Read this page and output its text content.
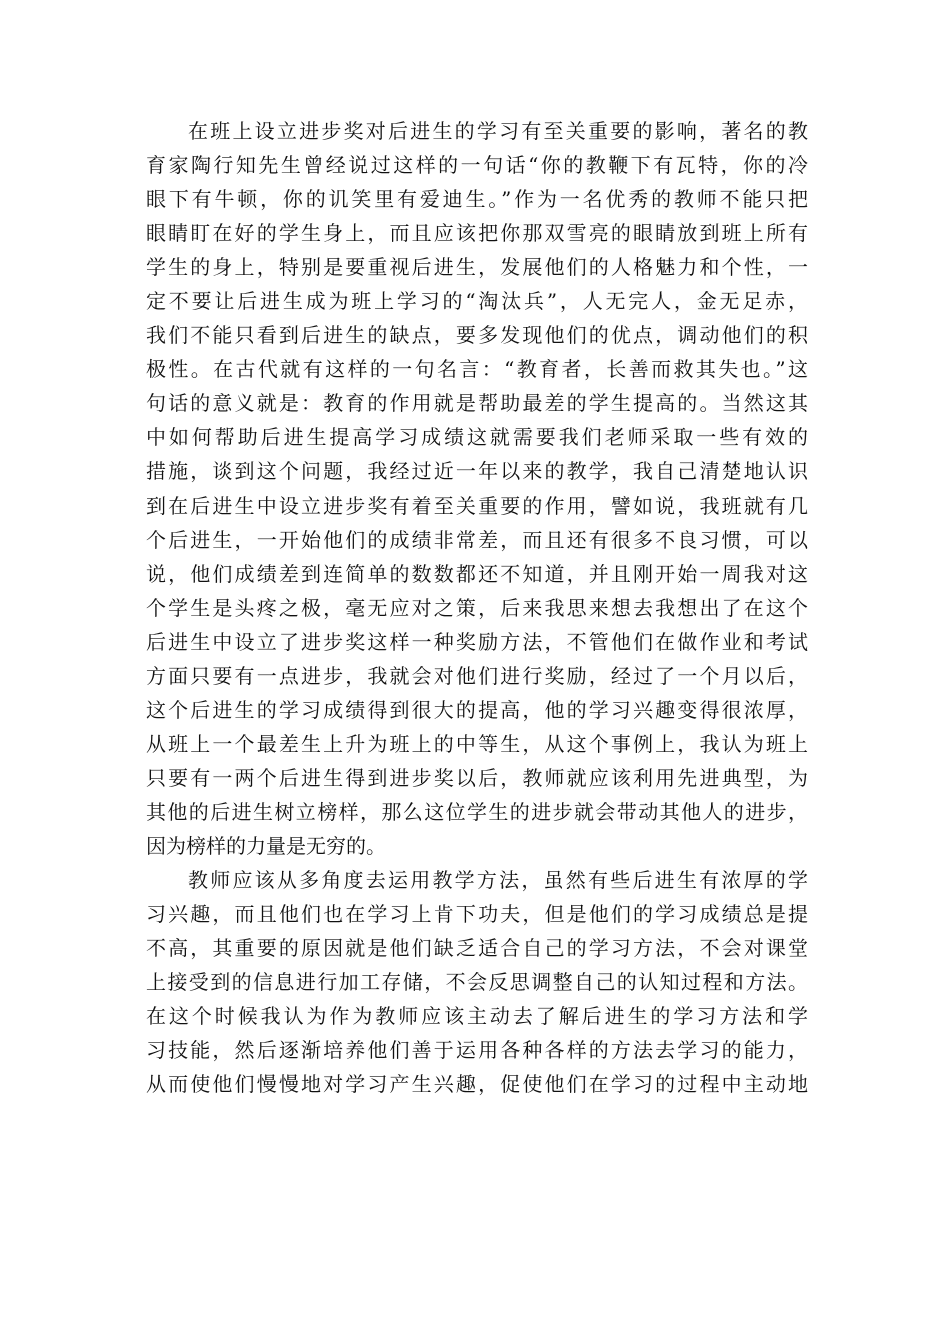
在班上设立进步奖对后进生的学习有至关重要的影响，著名的教
育家陶行知先生曾经说过这样的一句话“你的教鞭下有瓦特，你的冷
眼下有牛顿，你的讥笑里有爱迪生。”作为一名优秀的教师不能只把
眼睛盯在好的学生身上，而且应该把你那双雪亮的眼睛放到班上所有
学生的身上，特别是要重视后进生，发展他们的人格魅力和个性，一
定不要让后进生成为班上学习的“淘汰兵”，人无完人，金无足赤，
我们不能只看到后进生的缺点，要多发现他们的优点，调动他们的积
极性。在古代就有这样的一句名言：“教育者，长善而救其失也。”这
句话的意义就是：教育的作用就是帮助最差的学生提高的。当然这其
中如何帮助后进生提高学习成绩这就需要我们老师采取一些有效的
措施，谈到这个问题，我经过近一年以来的教学，我自己清楚地认识
到在后进生中设立进步奖有着至关重要的作用，譬如说，我班就有几
个后进生，一开始他们的成绩非常差，而且还有很多不良习惯，可以
说，他们成绩差到连简单的数数都还不知道，并且刚开始一周我对这
个学生是头疼之极，毫无应对之策，后来我思来想去我想出了在这个
后进生中设立了进步奖这样一种奖励方法，不管他们在做作业和考试
方面只要有一点进步，我就会对他们进行奖励，经过了一个月以后，
这个后进生的学习成绩得到很大的提高，他的学习兴趣变得很浓厚，
从班上一个最差生上升为班上的中等生，从这个事例上，我认为班上
只要有一两个后进生得到进步奖以后，教师就应该利用先进典型，为
其他的后进生树立榜样，那么这位学生的进步就会带动其他人的进步，
因为榜样的力量是无穷的。
教师应该从多角度去运用教学方法，虽然有些后进生有浓厚的学
习兴趣，而且他们也在学习上肯下功夫，但是他们的学习成绩总是提
不高，其重要的原因就是他们缺乏适合自己的学习方法，不会对课堂
上接受到的信息进行加工存储，不会反思调整自己的认知过程和方法。
在这个时候我认为作为教师应该主动去了解后进生的学习方法和学
习技能，然后逐渐培养他们善于运用各种各样的方法去学习的能力，
从而使他们慢慢地对学习产生兴趣，促使他们在学习的过程中主动地
